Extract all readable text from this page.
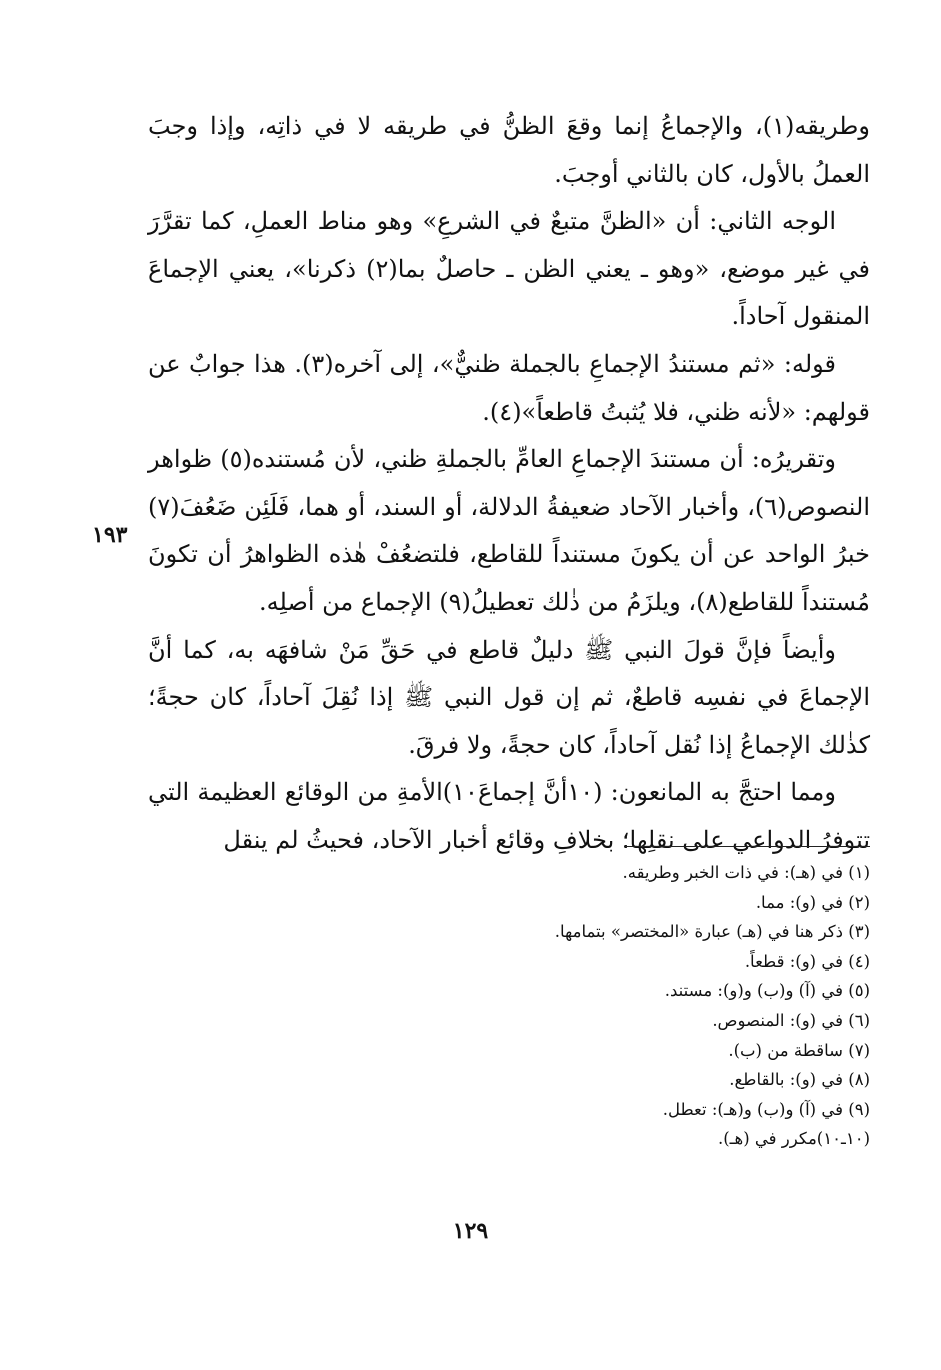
١٩٣

وطريقه(١)، والإجماعُ إنما وقعَ الظنُّ في طريقه لا في ذاتِه، وإذا وجبَ العملُ بالأول، كان بالثاني أوجبَ.

الوجه الثاني: أن «الظنَّ متبعٌ في الشرعِ» وهو مناط العملِ، كما تقرَّرَ في غير موضع، «وهو ـ يعني الظن ـ حاصلٌ بما(٢) ذكرنا»، يعني الإجماعَ المنقول آحاداً.

قوله: «ثم مستندُ الإجماعِ بالجملة ظنيٌّ»، إلى آخره(٣). هذا جوابٌ عن قولهم: «لأنه ظني، فلا يُثبتُ قاطعاً»(٤).

وتقريرُه: أن مستندَ الإجماعِ العامِّ بالجملةِ ظني، لأن مُستنده(٥) ظواهر النصوص(٦)، وأخبار الآحاد ضعيفةُ الدلالة، أو السند، أو هما، فَلَئِن ضَعُفَ(٧) خبرُ الواحد عن أن يكونَ مستنداً للقاطع، فلتضعُفْ هٰذه الظواهرُ أن تكونَ مُستنداً للقاطع(٨)، ويلزَمُ من ذٰلك تعطيلُ(٩) الإجماع من أصلِه.

وأيضاً فإنَّ قولَ النبي ﷺ دليلٌ قاطع في حَقِّ مَنْ شافهَه به، كما أنَّ الإجماعَ في نفسِه قاطعٌ، ثم إن قول النبي ﷺ إذا نُقِلَ آحاداً، كان حجةً؛ كذٰلك الإجماعُ إذا نُقل آحاداً، كان حجةً، ولا فرقَ.

ومما احتجَّ به المانعون: (١٠أنَّ إجماعَ١٠)الأمةِ من الوقائع العظيمة التي تتوفرُ الدواعي على نقلِها؛ بخلافِ وقائع أخبار الآحاد، فحيثُ لم ينقل

(١) في (هـ): في ذات الخبر وطريقه.
(٢) في (و): مما.
(٣) ذكر هنا في (هـ) عبارة «المختصر» بتمامها.
(٤) في (و): قطعاً.
(٥) في (آ) و(ب) و(و): مستند.
(٦) في (و): المنصوص.
(٧) ساقطة من (ب).
(٨) في (و): بالقاطع.
(٩) في (آ) و(ب) و(هـ): تعطل.
(١٠ـ١٠)مكرر في (هـ).
١٢٩
